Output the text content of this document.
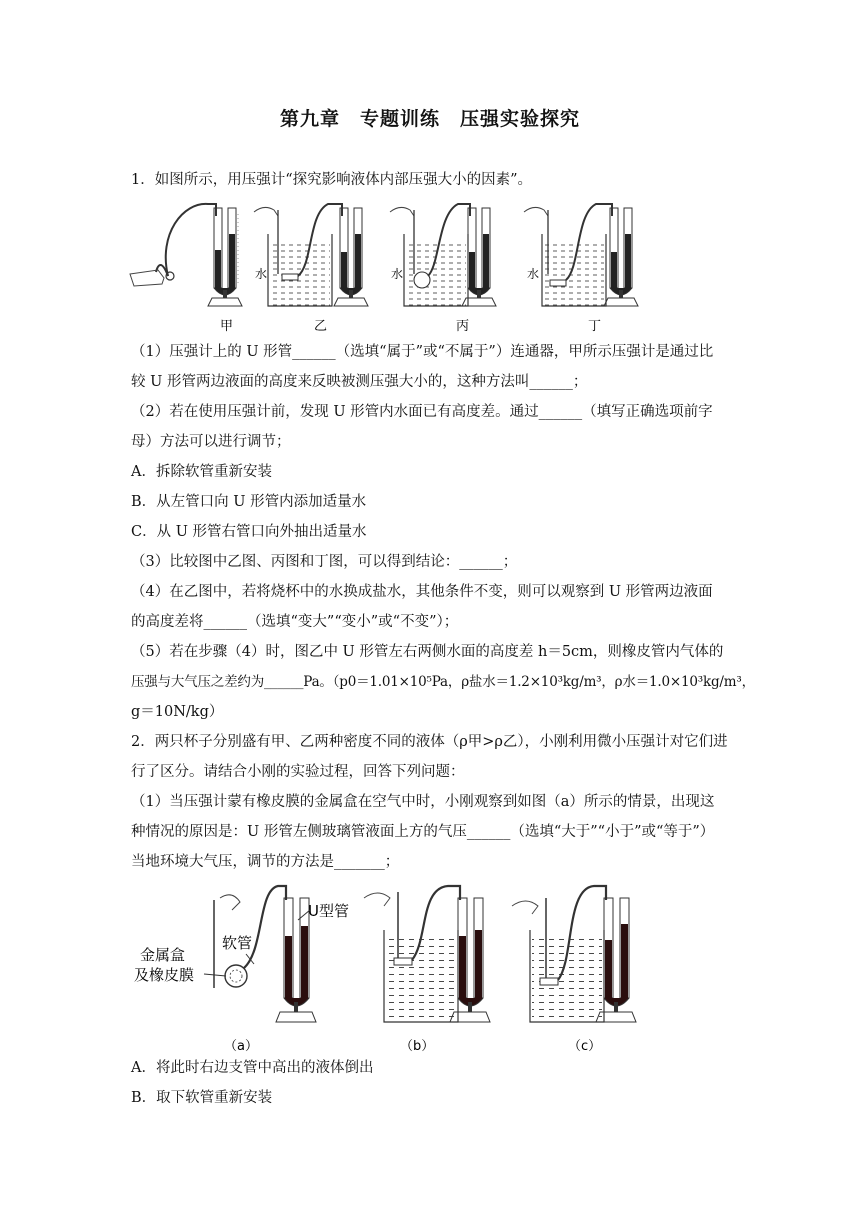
第九章　专题训练　压强实验探究
1．如图所示，用压强计“探究影响液体内部压强大小的因素”。
水	水	水
甲	乙	丙	丁
（1）压强计上的 U 形管______（选填“属于”或“不属于”）连通器，甲所示压强计是通过比
较 U 形管两边液面的高度来反映被测压强大小的，这种方法叫______；
（2）若在使用压强计前，发现 U 形管内水面已有高度差。通过______（填写正确选项前字
母）方法可以进行调节；
A．拆除软管重新安装
B．从左管口向 U 形管内添加适量水
C．从 U 形管右管口向外抽出适量水
（3）比较图中乙图、丙图和丁图，可以得到结论：______；
（4）在乙图中，若将烧杯中的水换成盐水，其他条件不变，则可以观察到 U 形管两边液面
的高度差将______（选填“变大”“变小”或“不变”）；
（5）若在步骤（4）时，图乙中 U 形管左右两侧水面的高度差 h＝5cm，则橡皮管内气体的
压强与大气压之差约为______Pa。（p0＝1.01×10⁵Pa，ρ盐水＝1.2×10³kg/m³，ρ水＝1.0×10³kg/m³，
g＝10N/kg）
2．两只杯子分别盛有甲、乙两种密度不同的液体（ρ甲>ρ乙），小刚利用微小压强计对它们进
行了区分。请结合小刚的实验过程，回答下列问题：
（1）当压强计蒙有橡皮膜的金属盒在空气中时，小刚观察到如图（a）所示的情景，出现这
种情况的原因是：U 形管左侧玻璃管液面上方的气压______（选填“大于”“小于”或“等于”）
当地环境大气压，调节的方法是_______；
U型管
软管
金属盒
及橡皮膜
（a）	（b）	（c）
A．将此时右边支管中高出的液体倒出
B．取下软管重新安装
